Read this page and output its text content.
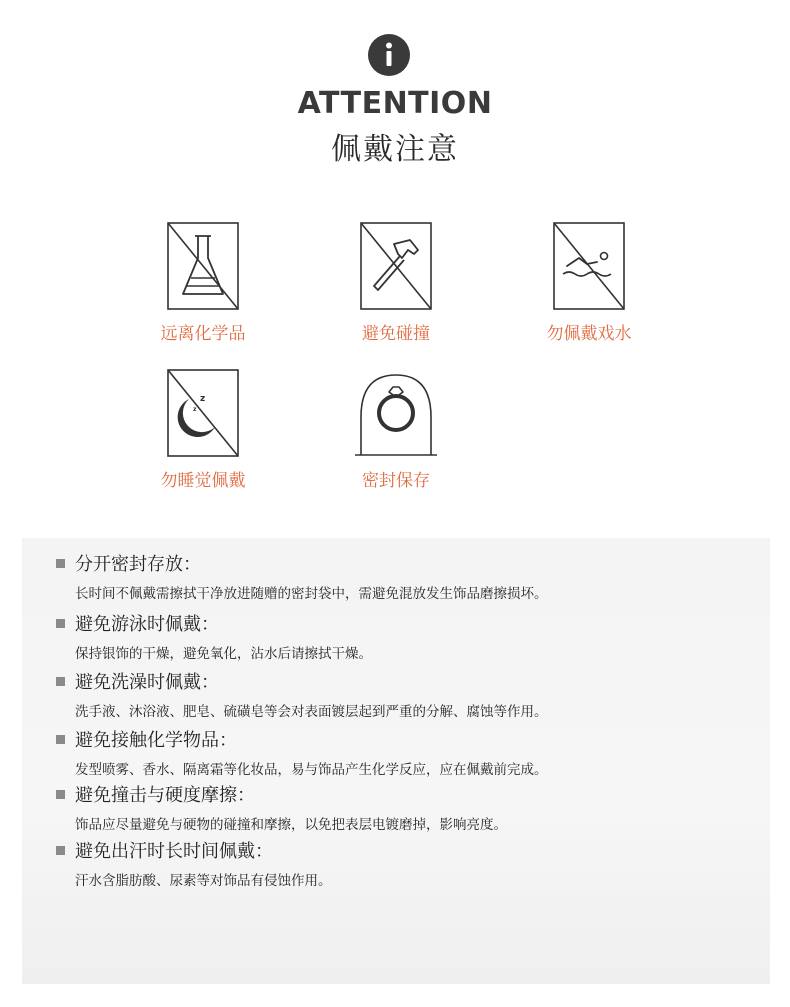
ATTENTION
佩戴注意
远离化学品	避免碰撞	勿佩戴戏水
z
z
勿睡觉佩戴	密封保存
分开密封存放：
长时间不佩戴需擦拭干净放进随赠的密封袋中，需避免混放发生饰品磨擦损坏。
避免游泳时佩戴：
保持银饰的干燥，避免氧化，沾水后请擦拭干燥。
避免洗澡时佩戴：
洗手液、沐浴液、肥皂、硫磺皂等会对表面镀层起到严重的分解、腐蚀等作用。
避免接触化学物品：
发型喷雾、香水、隔离霜等化妆品，易与饰品产生化学反应，应在佩戴前完成。
避免撞击与硬度摩擦：
饰品应尽量避免与硬物的碰撞和摩擦，以免把表层电镀磨掉，影响亮度。
避免出汗时长时间佩戴：
汗水含脂肪酸、尿素等对饰品有侵蚀作用。
